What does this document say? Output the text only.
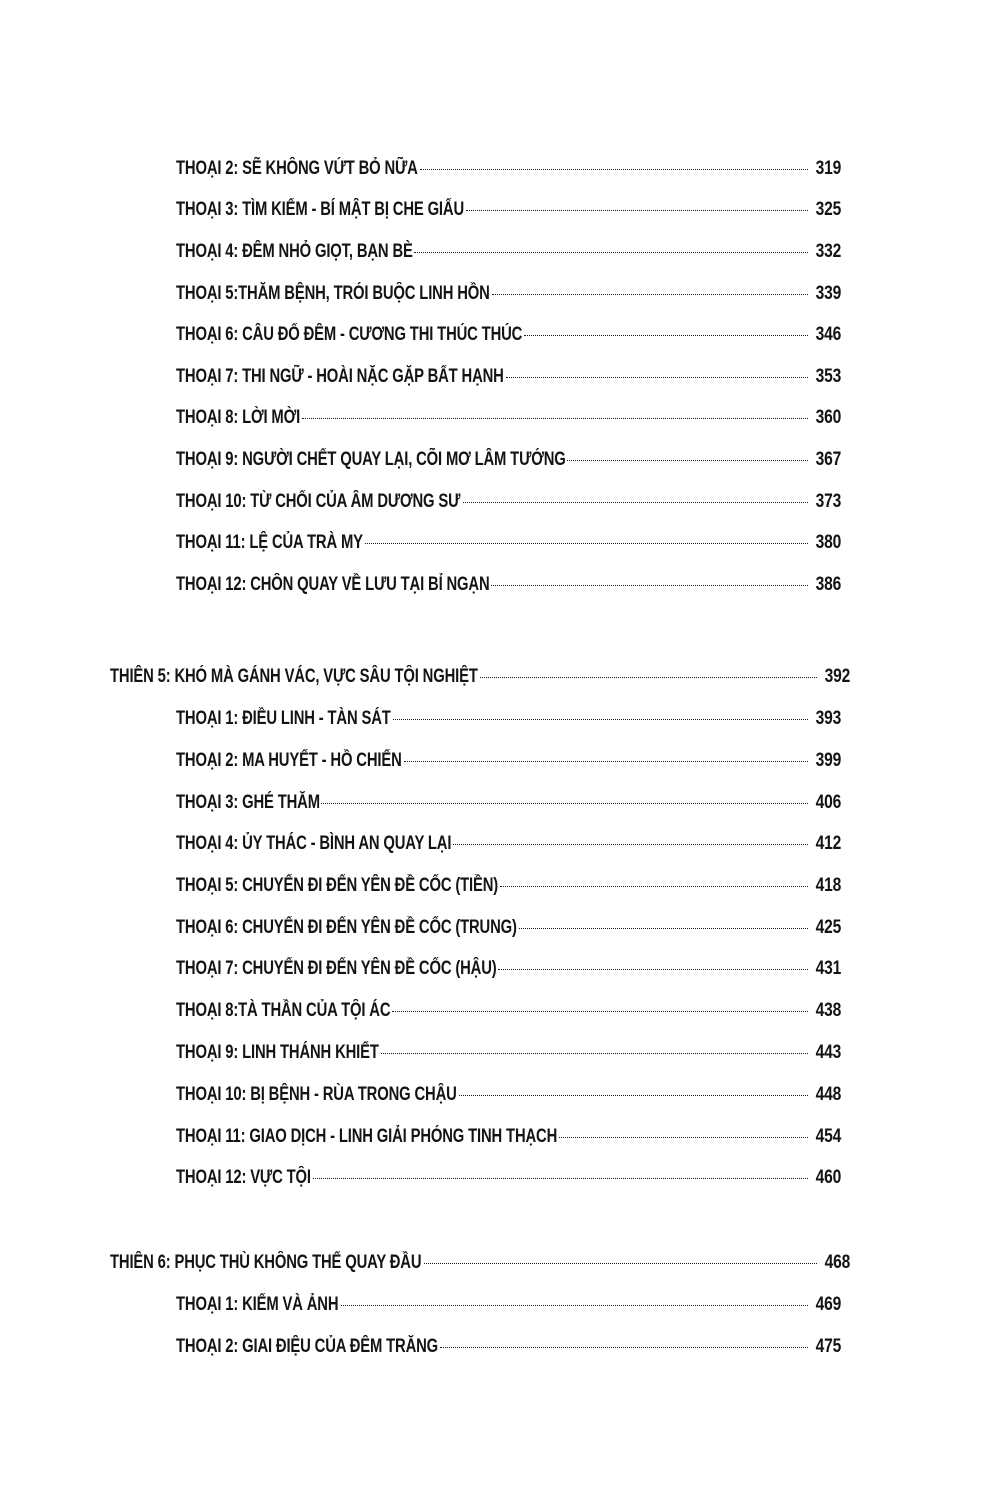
THOẠI 2: SẼ KHÔNG VỨT BỎ NỮA	319
THOẠI 3: TÌM KIẾM - BÍ MẬT BỊ CHE GIẤU	325
THOẠI 4: ĐÊM NHỎ GIỌT, BẠN BÈ	332
THOẠI 5:THĂM BỆNH, TRÓI BUỘC LINH HỒN	339
THOẠI 6: CÂU ĐỐ ĐÊM - CƯƠNG THI THÚC THÚC	346
THOẠI 7: THI NGỮ - HOÀI NẶC GẶP BẤT HẠNH	353
THOẠI 8: LỜI MỜI	360
THOẠI 9: NGƯỜI CHẾT QUAY LẠI, CÕI MƠ LÂM TƯỚNG	367
THOẠI 10: TỪ CHỐI CỦA ÂM DƯƠNG SƯ	373
THOẠI 11: LỆ CỦA TRÀ MY	380
THOẠI 12: CHÔN QUAY VỀ LƯU TẠI BỈ NGẠN	386
THIÊN 5: KHÓ MÀ GÁNH VÁC, VỰC SÂU TỘI NGHIỆT	392
THOẠI 1: ĐIỀU LINH - TÀN SÁT	393
THOẠI 2: MA HUYẾT - HỒ CHIẾN	399
THOẠI 3: GHÉ THĂM	406
THOẠI 4: ỦY THÁC - BÌNH AN QUAY LẠI	412
THOẠI 5: CHUYẾN ĐI ĐẾN YÊN ĐỀ CỐC (TIỀN)	418
THOẠI 6: CHUYẾN ĐI ĐẾN YÊN ĐỀ CỐC (TRUNG)	425
THOẠI 7: CHUYẾN ĐI ĐẾN YÊN ĐỀ CỐC (HẬU)	431
THOẠI 8:TÀ THẦN CỦA TỘI ÁC	438
THOẠI 9: LINH THÁNH KHIẾT	443
THOẠI 10: BỊ BỆNH - RÙA TRONG CHẬU	448
THOẠI 11: GIAO DỊCH - LINH GIẢI PHÓNG TINH THẠCH	454
THOẠI 12: VỰC TỘI	460
THIÊN 6: PHỤC THÙ KHÔNG THỂ QUAY ĐẦU	468
THOẠI 1: KIẾM VÀ ẢNH	469
THOẠI 2: GIAI ĐIỆU CỦA ĐÊM TRĂNG	475
